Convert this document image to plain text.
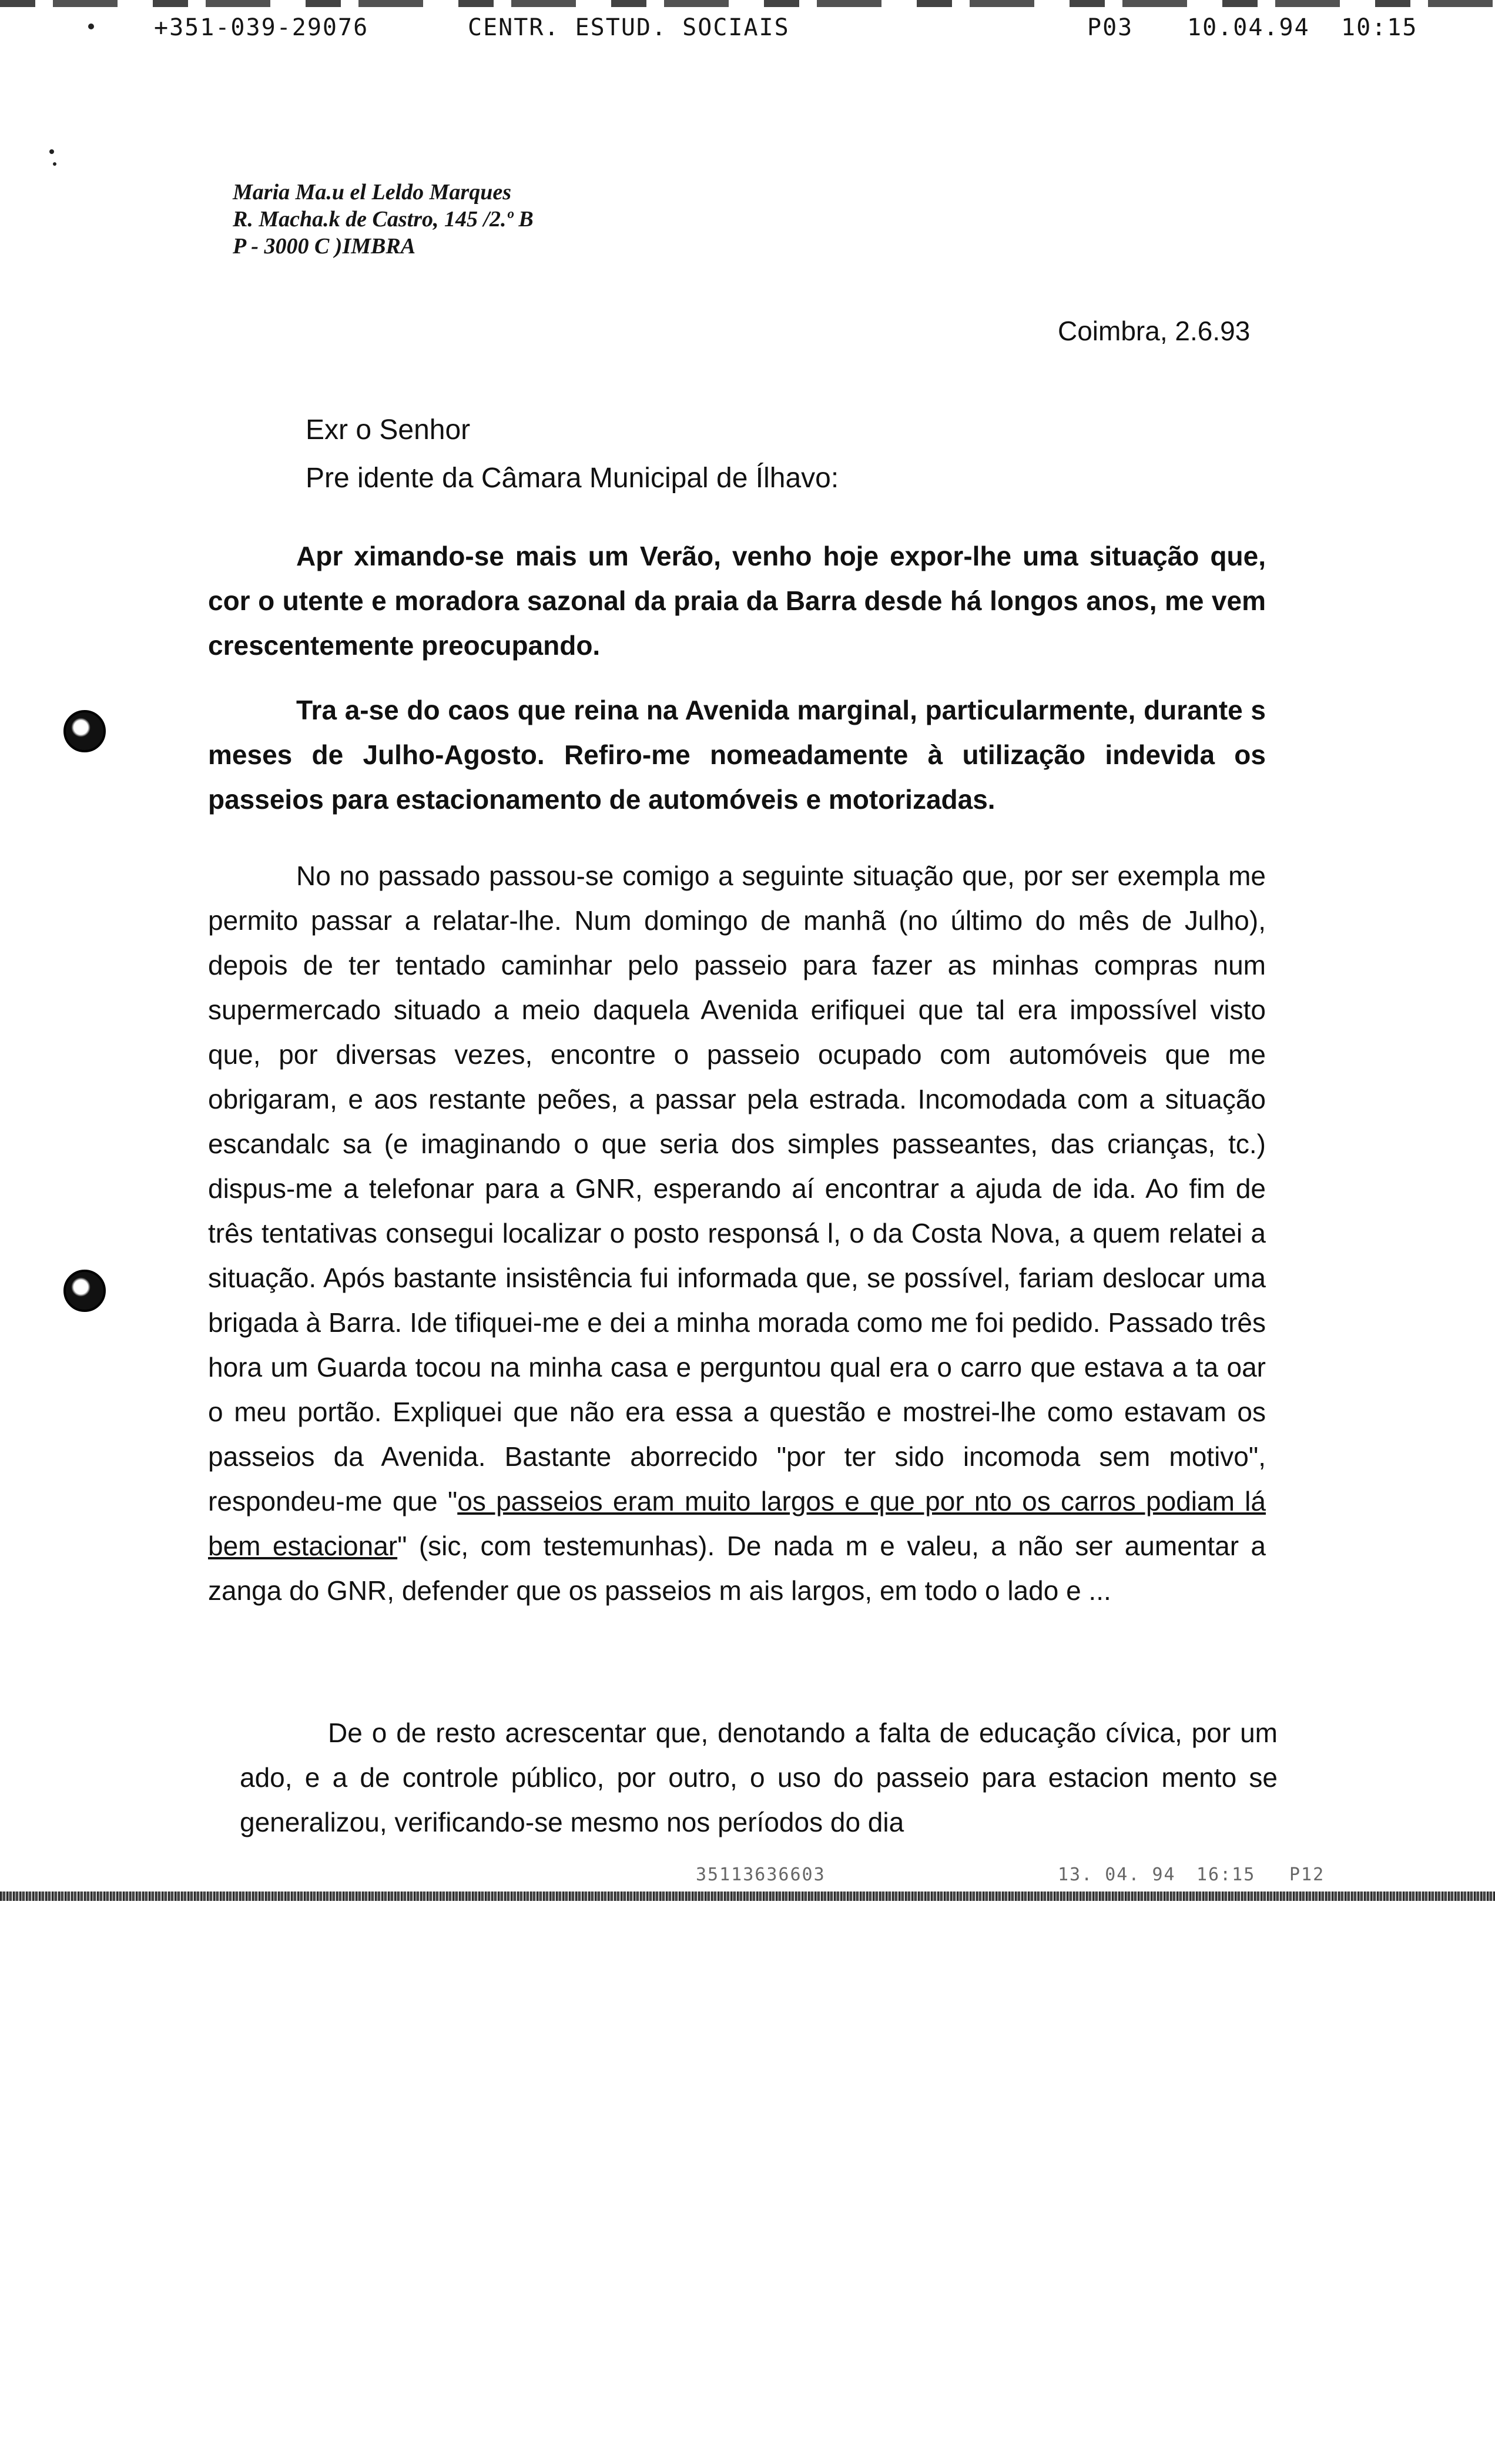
+351-039-29076	CENTR. ESTUD. SOCIAIS	P03 10.04.94 10:15
Maria Ma.u el Leldo Marques
R. Macha.k de Castro, 145 /2.º B
P - 3000 C )IMBRA
Coimbra, 2.6.93
Exr o Senhor
Pre idente da Câmara Municipal de Ílhavo:
Apr ximando-se mais um Verão, venho hoje expor-lhe uma situação que, cor o utente e moradora sazonal da praia da Barra desde há longos anos, me vem crescentemente preocupando.
Tra a-se do caos que reina na Avenida marginal, particularmente, durante s meses de Julho-Agosto. Refiro-me nomeadamente à utilização indevida os passeios para estacionamento de automóveis e motorizadas.
No no passado passou-se comigo a seguinte situação que, por ser exempla me permito passar a relatar-lhe. Num domingo de manhã (no último do mês de Julho), depois de ter tentado caminhar pelo passeio para fazer as minhas compras num supermercado situado a meio daquela Avenida erifiquei que tal era impossível visto que, por diversas vezes, encontre o passeio ocupado com automóveis que me obrigaram, e aos restante peões, a passar pela estrada. Incomodada com a situação escandalc sa (e imaginando o que seria dos simples passeantes, das crianças, tc.) dispus-me a telefonar para a GNR, esperando aí encontrar a ajuda de ida. Ao fim de três tentativas consegui localizar o posto responsá l, o da Costa Nova, a quem relatei a situação. Após bastante insistência fui informada que, se possível, fariam deslocar uma brigada à Barra. Ide tifiquei-me e dei a minha morada como me foi pedido. Passado três hora um Guarda tocou na minha casa e perguntou qual era o carro que estava a ta oar o meu portão. Expliquei que não era essa a questão e mostrei-lhe como estavam os passeios da Avenida. Bastante aborrecido "por ter sido incomoda sem motivo", respondeu-me que "os passeios eram muito largos e que por nto os carros podiam lá bem estacionar" (sic, com testemunhas). De nada m e valeu, a não ser aumentar a zanga do GNR, defender que os passeios m ais largos, em todo o lado e ...
De o de resto acrescentar que, denotando a falta de educação cívica, por um ado, e a de controle público, por outro, o uso do passeio para estacion mento se generalizou, verificando-se mesmo nos períodos do dia
35113636603	13. 04. 94 16:15 P12
